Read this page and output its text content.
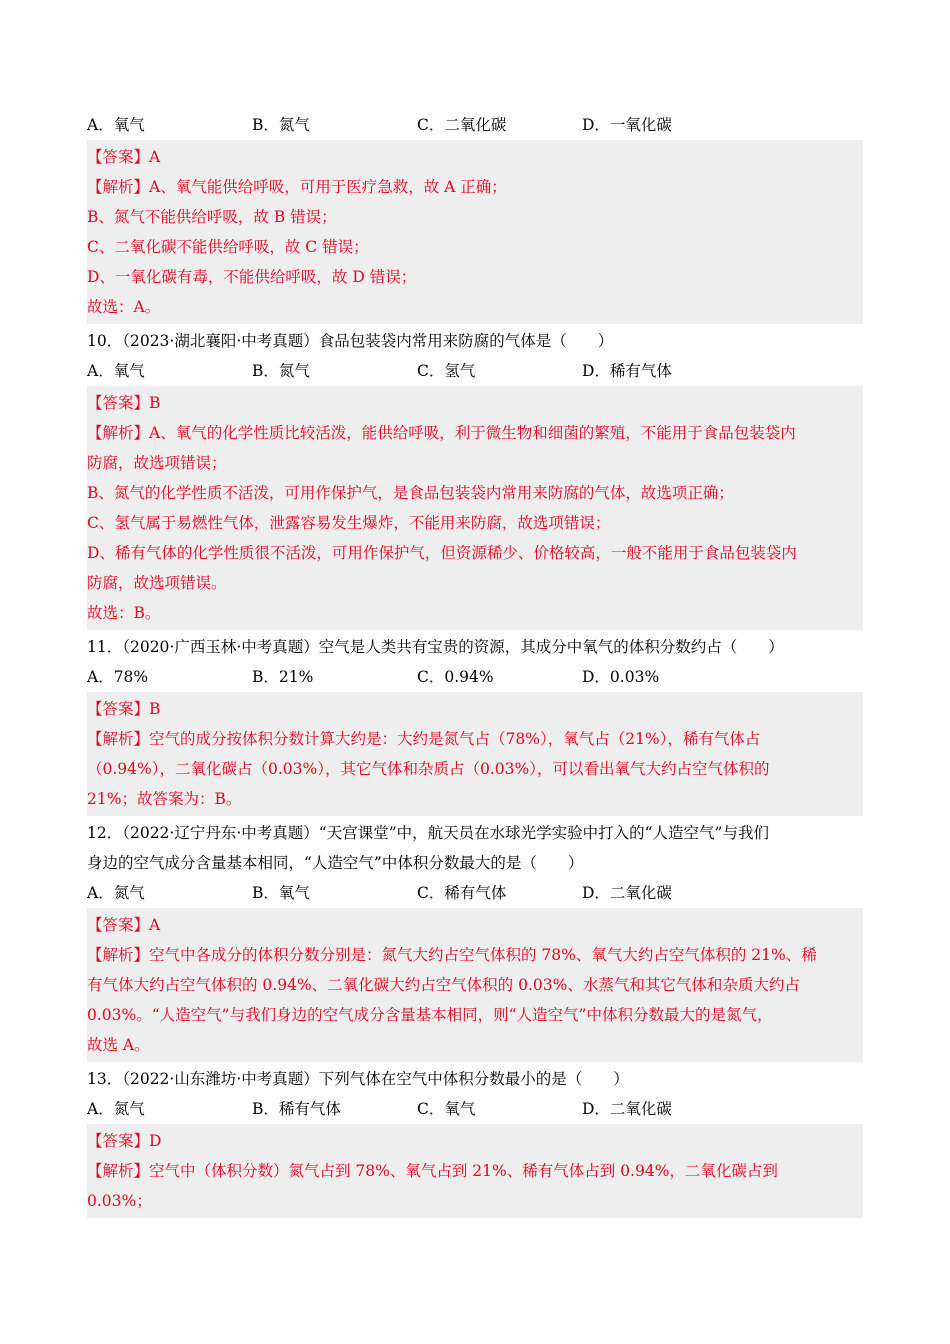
A．氧气	B．氮气	C．二氧化碳	D．一氧化碳
【答案】A
【解析】A、氧气能供给呼吸，可用于医疗急救，故 A 正确；
B、氮气不能供给呼吸，故 B 错误；
C、二氧化碳不能供给呼吸，故 C 错误；
D、一氧化碳有毒，不能供给呼吸，故 D 错误；
故选：A。
10．（2023·湖北襄阳·中考真题）食品包装袋内常用来防腐的气体是（　　）
A．氧气	B．氮气	C．氢气	D．稀有气体
【答案】B
【解析】A、氧气的化学性质比较活泼，能供给呼吸，利于微生物和细菌的繁殖，不能用于食品包装袋内
防腐，故选项错误；
B、氮气的化学性质不活泼，可用作保护气，是食品包装袋内常用来防腐的气体，故选项正确；
C、氢气属于易燃性气体，泄露容易发生爆炸，不能用来防腐，故选项错误；
D、稀有气体的化学性质很不活泼，可用作保护气，但资源稀少、价格较高，一般不能用于食品包装袋内
防腐，故选项错误。
故选：B。
11．（2020·广西玉林·中考真题）空气是人类共有宝贵的资源，其成分中氧气的体积分数约占（　　）
A．78%	B．21%	C．0.94%	D．0.03%
【答案】B
【解析】空气的成分按体积分数计算大约是：大约是氮气占（78%），氧气占（21%），稀有气体占
（0.94%），二氧化碳占（0.03%），其它气体和杂质占（0.03%），可以看出氧气大约占空气体积的
21%；故答案为：B。
12．（2022·辽宁丹东·中考真题）“天宫课堂”中，航天员在水球光学实验中打入的“人造空气”与我们
身边的空气成分含量基本相同，“人造空气”中体积分数最大的是（　　）
A．氮气	B．氧气	C．稀有气体	D．二氧化碳
【答案】A
【解析】空气中各成分的体积分数分别是：氮气大约占空气体积的 78%、氧气大约占空气体积的 21%、稀
有气体大约占空气体积的 0.94%、二氧化碳大约占空气体积的 0.03%、水蒸气和其它气体和杂质大约占
0.03%。“人造空气”与我们身边的空气成分含量基本相同，则“人造空气”中体积分数最大的是氮气，
故选 A。
13．（2022·山东潍坊·中考真题）下列气体在空气中体积分数最小的是（　　）
A．氮气	B．稀有气体	C．氧气	D．二氧化碳
【答案】D
【解析】空气中（体积分数）氮气占到 78%、氧气占到 21%、稀有气体占到 0.94%，二氧化碳占到
0.03%；
